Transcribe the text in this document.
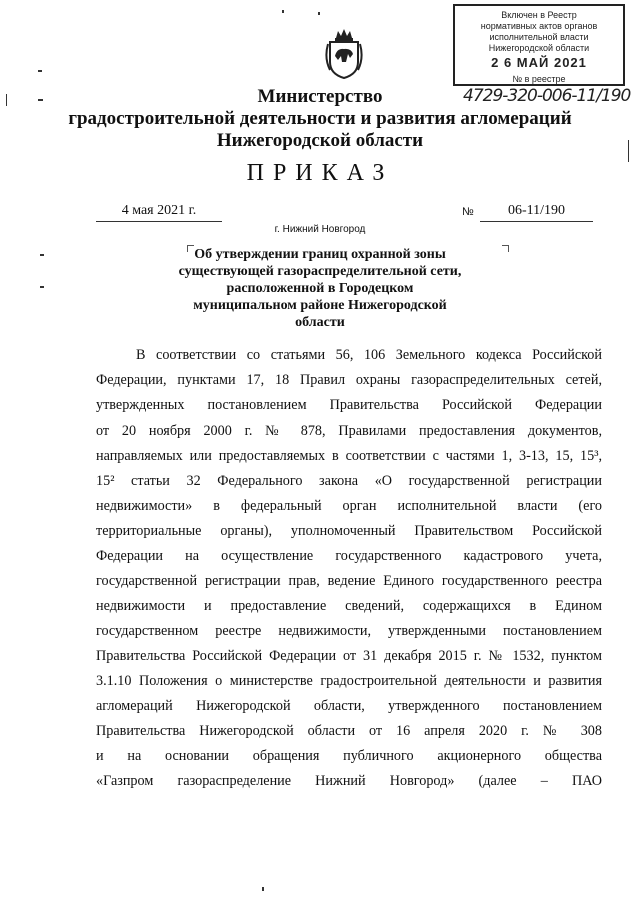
Включен в Реестр
нормативных актов органов
исполнительной власти
Нижегородской области
2 6 МАЙ 2021
№ в реестре
4729-320-006-11/190
Министерство
градостроительной деятельности и развития агломераций
Нижегородской области
ПРИКАЗ
4 мая 2021 г.	№	06-11/190
г. Нижний Новгород
Об утверждении границ охранной зоны
существующей газораспределительной сети,
расположенной в Городецком
муниципальном районе Нижегородской
области
В соответствии со статьями 56, 106 Земельного кодекса Российской
Федерации, пунктами 17, 18 Правил охраны газораспределительных сетей,
утвержденных постановлением Правительства Российской Федерации
от 20 ноября 2000 г. № 878, Правилами предоставления документов,
направляемых или предоставляемых в соответствии с частями 1, 3-13, 15, 15³,
15² статьи 32 Федерального закона «О государственной регистрации
недвижимости» в федеральный орган исполнительной власти (его
территориальные органы), уполномоченный Правительством Российской
Федерации на осуществление государственного кадастрового учета,
государственной регистрации прав, ведение Единого государственного реестра
недвижимости и предоставление сведений, содержащихся в Едином
государственном реестре недвижимости, утвержденными постановлением
Правительства Российской Федерации от 31 декабря 2015 г. № 1532, пунктом
3.1.10 Положения о министерстве градостроительной деятельности и развития
агломераций Нижегородской области, утвержденного постановлением
Правительства Нижегородской области от 16 апреля 2020 г. № 308
и на основании обращения публичного акционерного общества
«Газпром газораспределение Нижний Новгород» (далее – ПАО
